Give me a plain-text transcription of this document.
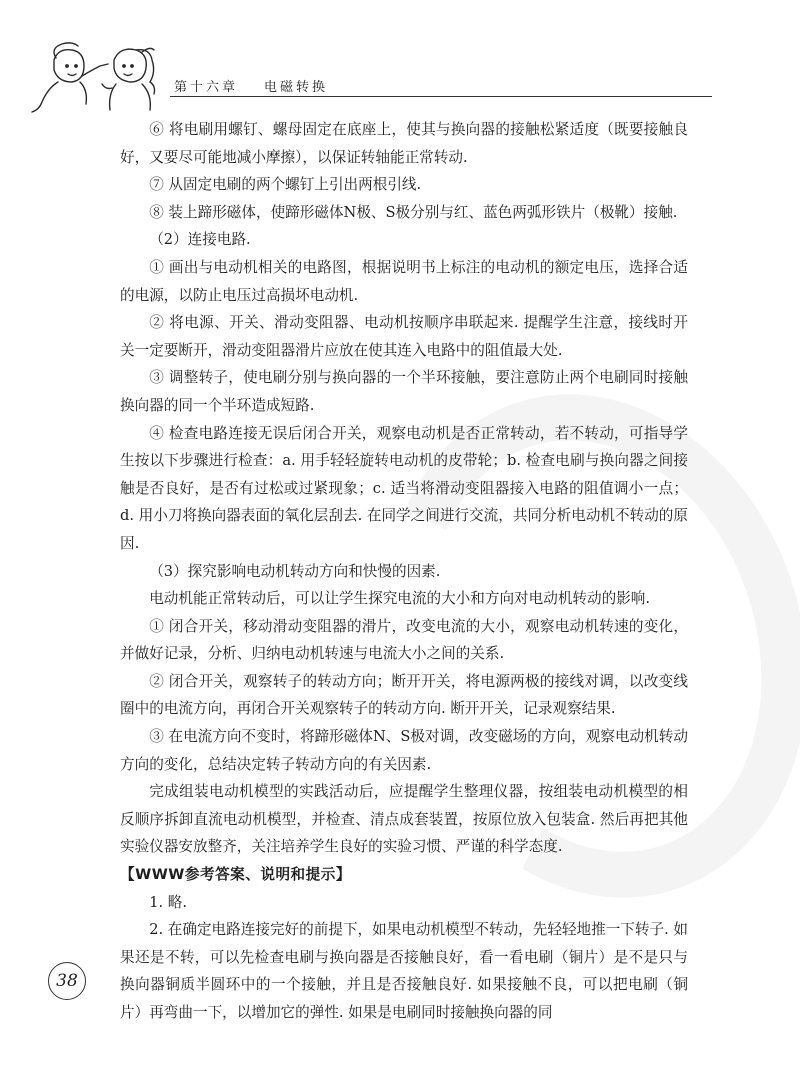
第十六章 电磁转换

⑥ 将电刷用螺钉、螺母固定在底座上，使其与换向器的接触松紧适度（既要接触良好，又要尽可能地减小摩擦），以保证转轴能正常转动.

⑦ 从固定电刷的两个螺钉上引出两根引线.

⑧ 装上蹄形磁体，使蹄形磁体N极、S极分别与红、蓝色两弧形铁片（极靴）接触.

（2）连接电路.

① 画出与电动机相关的电路图，根据说明书上标注的电动机的额定电压，选择合适的电源，以防止电压过高损坏电动机.

② 将电源、开关、滑动变阻器、电动机按顺序串联起来. 提醒学生注意，接线时开关一定要断开，滑动变阻器滑片应放在使其连入电路中的阻值最大处.

③ 调整转子，使电刷分别与换向器的一个半环接触，要注意防止两个电刷同时接触换向器的同一个半环造成短路.

④ 检查电路连接无误后闭合开关，观察电动机是否正常转动，若不转动，可指导学生按以下步骤进行检查：a. 用手轻轻旋转电动机的皮带轮；b. 检查电刷与换向器之间接触是否良好，是否有过松或过紧现象；c. 适当将滑动变阻器接入电路的阻值调小一点；d. 用小刀将换向器表面的氧化层刮去. 在同学之间进行交流，共同分析电动机不转动的原因.

（3）探究影响电动机转动方向和快慢的因素.

电动机能正常转动后，可以让学生探究电流的大小和方向对电动机转动的影响.

① 闭合开关，移动滑动变阻器的滑片，改变电流的大小，观察电动机转速的变化，并做好记录，分析、归纳电动机转速与电流大小之间的关系.

② 闭合开关，观察转子的转动方向；断开开关，将电源两极的接线对调，以改变线圈中的电流方向，再闭合开关观察转子的转动方向. 断开开关，记录观察结果.

③ 在电流方向不变时，将蹄形磁体N、S极对调，改变磁场的方向，观察电动机转动方向的变化，总结决定转子转动方向的有关因素.

完成组装电动机模型的实践活动后，应提醒学生整理仪器，按组装电动机模型的相反顺序拆卸直流电动机模型，并检查、清点成套装置，按原位放入包装盒. 然后再把其他实验仪器安放整齐，关注培养学生良好的实验习惯、严谨的科学态度.

【WWW参考答案、说明和提示】

1. 略.

2. 在确定电路连接完好的前提下，如果电动机模型不转动，先轻轻地推一下转子. 如果还是不转，可以先检查电刷与换向器是否接触良好，看一看电刷（铜片）是不是只与换向器铜质半圆环中的一个接触，并且是否接触良好. 如果接触不良，可以把电刷（铜片）再弯曲一下，以增加它的弹性. 如果是电刷同时接触换向器的同

38
